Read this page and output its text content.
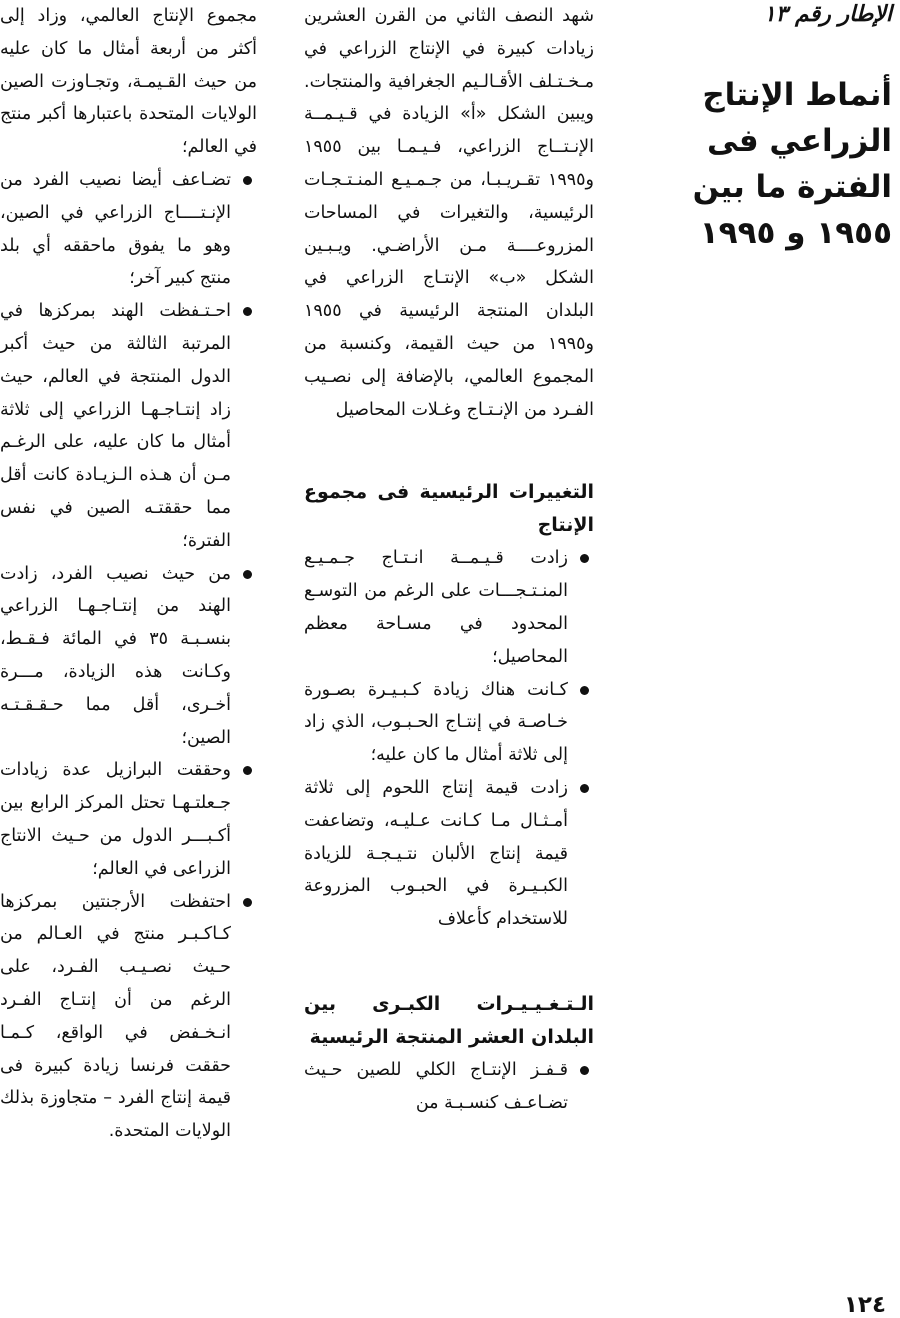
الإطار رقم ١٣
أنماط الإنتاج الزراعي فى الفترة ما بين ١٩٥٥ و ١٩٩٥

شهد النصف الثاني من القرن العشرين زيادات كبيرة في الإنتاج الزراعي في مـخـتـلف الأقـالـيم الجغرافية والمنتجات. ويبين الشكل «أ» الزيادة في قـيـمــة الإنـتــاج الزراعي، فـيـمـا بين ١٩٥٥ و١٩٩٥ تقـريـبـا، من جـمـيـع المنـتـجـات الرئيسية، والتغيرات في المساحات المزروعــــة مـن الأراضـي. ويـبـين الشكل «ب» الإنتـاج الزراعي في البلدان المنتجة الرئيسية في ١٩٥٥ و١٩٩٥ من حيث القيمة، وكنسبة من المجموع العالمي، بالإضافة إلى نصـيب الفـرد من الإنـتـاج وغـلات المحاصيل

التغييرات الرئيسية فى مجموع الإنتاج

زادت قـيـمــة انـتـاج جـمـيـع المنـتـجـــات على الرغم من التوسـع المحدود في مسـاحة معظم المحاصيل؛
كـانت هناك زيادة كـبـيـرة بصـورة خـاصـة في إنتـاج الحـبـوب، الذي زاد إلى ثلاثة أمثال ما كان عليه؛
زادت قيمة إنتاج اللحوم إلى ثلاثة أمـثـال مـا كـانت عـليـه، وتضاعفت قيمة إنتاج الألبان نتـيـجـة للزيادة الكبـيـرة في الحبـوب المزروعة للاستخدام كأعلاف

الـتـغـيـيـرات الكبـرى بين البلدان العشر المنتجة الرئيسية

قـفـز الإنتـاج الكلي للصين حـيث تضـاعـف كنسـبـة من

مجموع الإنتاج العالمي، وزاد إلى أكثر من أربعة أمثال ما كان عليه من حيث القـيمـة، وتجـاوزت الصين الولايات المتحدة باعتبارها أكبر منتج في العالم؛

تضـاعف أيضا نصيب الفرد من الإنـتــــاج الزراعي في الصين، وهو ما يفوق ماحققه أي بلد منتج كبير آخر؛
احـتـفظت الهند بمركزها في المرتبة الثالثة من حيث أكبر الدول المنتجة في العالم، حيث زاد إنتـاجـهـا الزراعي إلى ثلاثة أمثال ما كان عليه، على الرغـم مـن أن هـذه الـزيـادة كانت أقل مما حققتـه الصين في نفس الفترة؛
من حيث نصيب الفرد، زادت الهند من إنتـاجـهـا الزراعي بنسـبـة ٣٥ في المائة فـقـط، وكـانت هذه الزيادة، مـــرة أخـرى، أقل مما حـقـقـتـه الصين؛
وحققت البرازيل عدة زيادات جـعلتـهـا تحتل المركز الرابع بين أكـبـــر الدول من حـيث الانتاج الزراعى في العالم؛
احتفظت الأرجنتين بمركزها كـاكـبـر منتج في العـالم من حـيث نصـيـب الفـرد، على الرغم من أن إنتـاج الفـرد انـخـفض في الواقع، كـمـا حققت فرنسا زيادة كبيرة فى قيمة إنتاج الفرد – متجاوزة بذلك الولايات المتحدة.
١٢٤
